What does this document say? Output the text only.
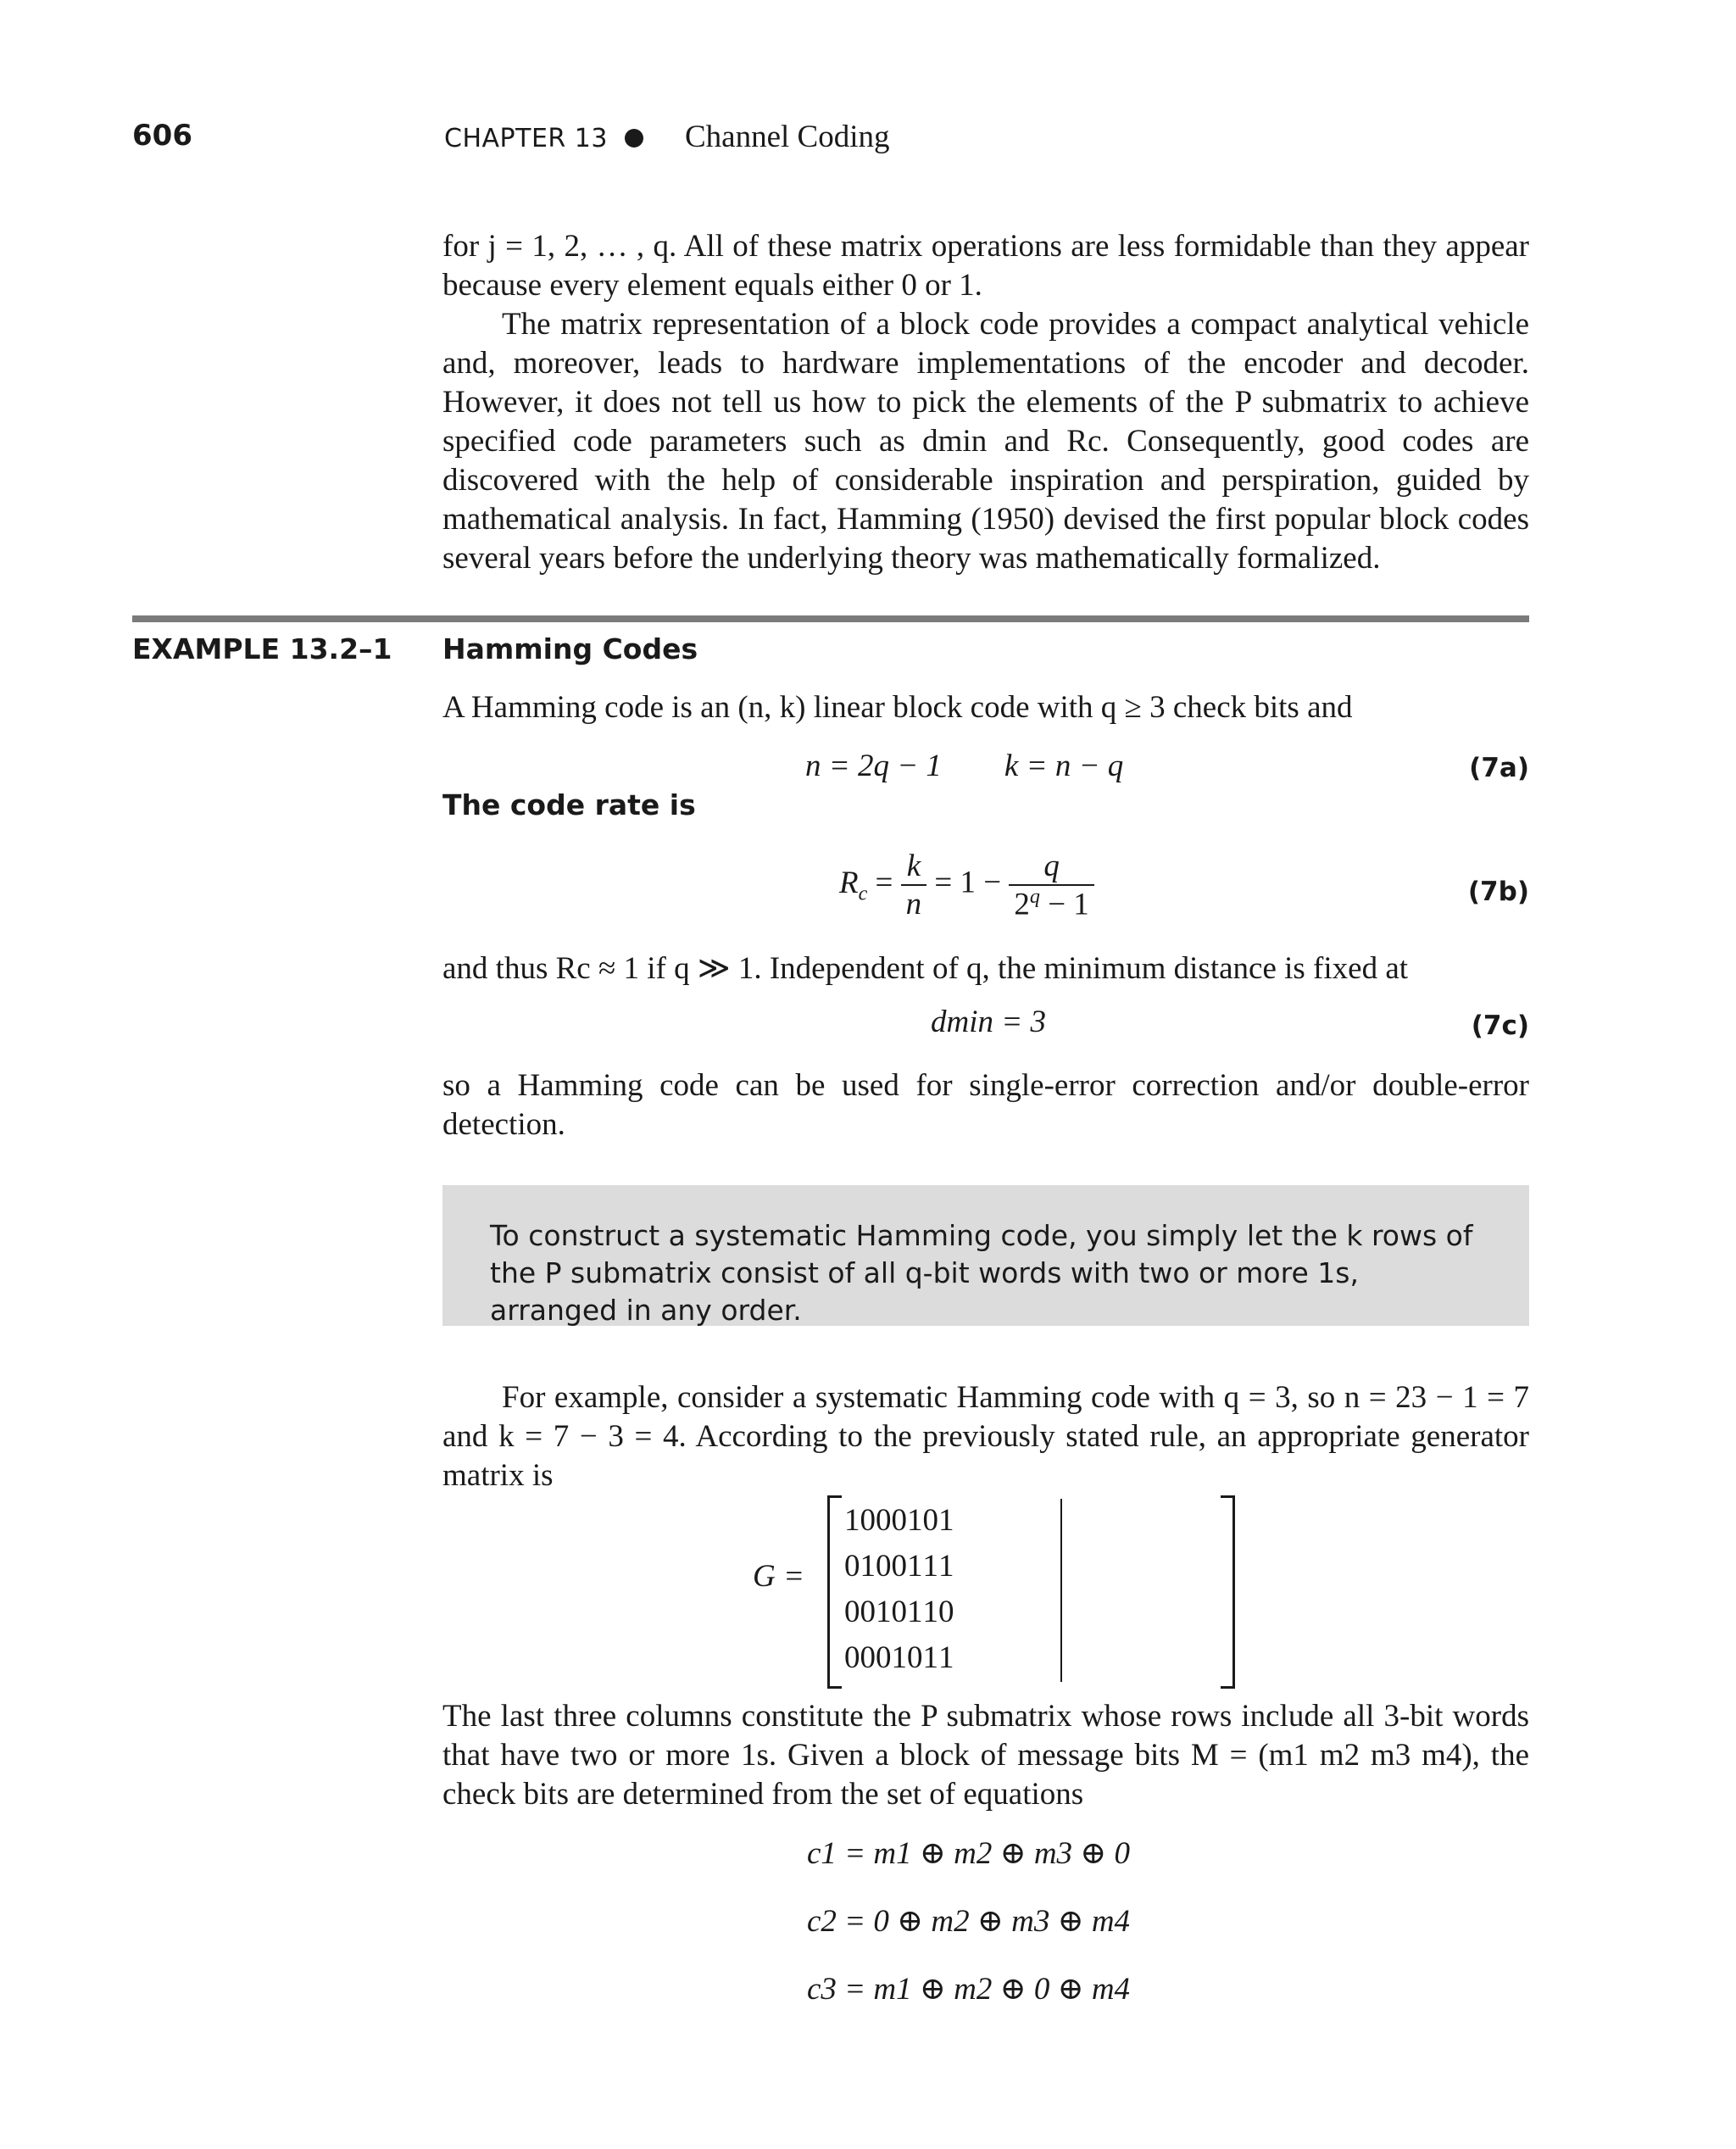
606	CHAPTER 13 Channel Coding
for j = 1, 2, … , q. All of these matrix operations are less formidable than they appear because every element equals either 0 or 1.
The matrix representation of a block code provides a compact analytical vehicle and, moreover, leads to hardware implementations of the encoder and decoder. However, it does not tell us how to pick the elements of the P submatrix to achieve specified code parameters such as dmin and Rc. Consequently, good codes are discovered with the help of considerable inspiration and perspiration, guided by mathematical analysis. In fact, Hamming (1950) devised the first popular block codes several years before the underlying theory was mathematically formalized.
EXAMPLE 13.2–1 Hamming Codes
A Hamming code is an (n, k) linear block code with q ≥ 3 check bits and
n = 2q − 1        k = n − q	(7a)
The code rate is
$R_c = \frac{k}{n} = 1 - \frac{q}{2^q - 1}$	(7b)
and thus Rc ≈ 1 if q ≫ 1. Independent of q, the minimum distance is fixed at
dmin = 3	(7c)
so a Hamming code can be used for single-error correction and/or double-error detection.
To construct a systematic Hamming code, you simply let the k rows of the P submatrix consist of all q-bit words with two or more 1s, arranged in any order.
For example, consider a systematic Hamming code with q = 3, so n = 23 − 1 = 7 and k = 7 − 3 = 4. According to the previously stated rule, an appropriate generator matrix is
G =
1	0	0	0	1	0	1
0	1	0	0	1	1	1
0	0	1	0	1	1	0
0	0	0	1	0	1	1
The last three columns constitute the P submatrix whose rows include all 3-bit words that have two or more 1s. Given a block of message bits M = (m1 m2 m3 m4), the check bits are determined from the set of equations
c1 = m1 ⊕ m2 ⊕ m3 ⊕ 0
c2 = 0 ⊕ m2 ⊕ m3 ⊕ m4
c3 = m1 ⊕ m2 ⊕ 0 ⊕ m4
